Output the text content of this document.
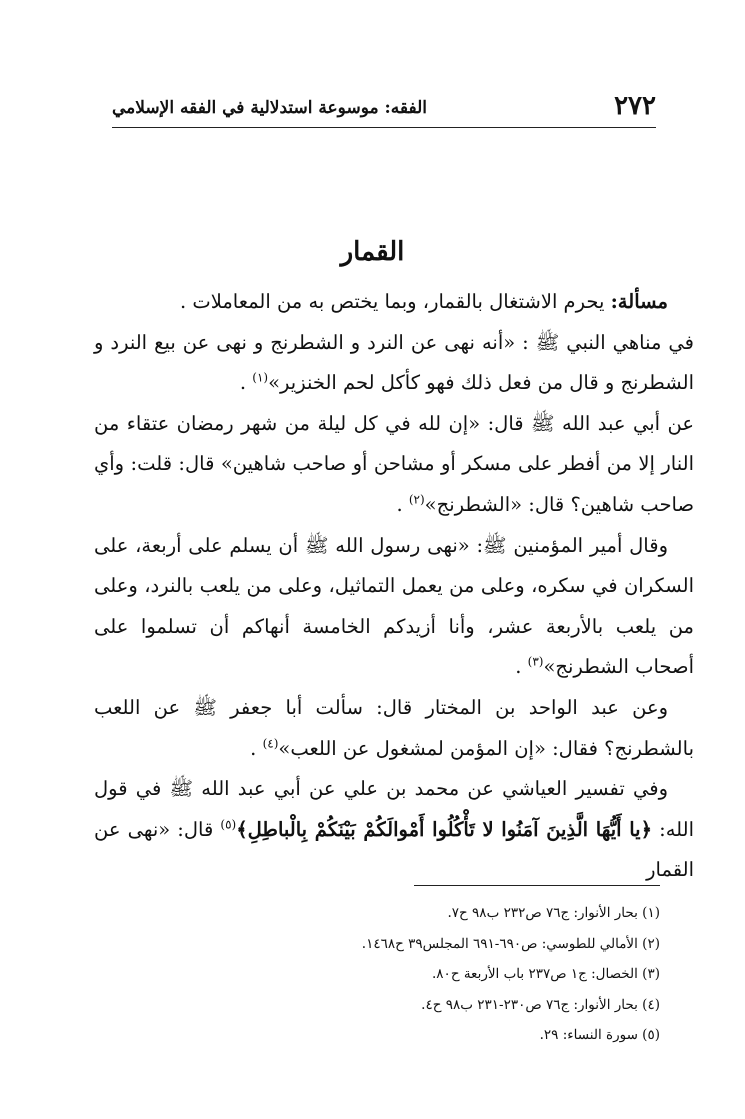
٢٧٢
الفقه: موسوعة استدلالية في الفقه الإسلامي
القمار

مسألة: يحرم الاشتغال بالقمار، وبما يختص به من المعاملات .

في مناهي النبي ﷺ : «أنه نهى عن النرد و الشطرنج و نهى عن بيع النرد و الشطرنج و قال من فعل ذلك فهو كأكل لحم الخنزير»$^{(١)}$ .

عن أبي عبد الله ﷺ قال: «إن لله في كل ليلة من شهر رمضان عتقاء من النار إلا من أفطر على مسكر أو مشاحن أو صاحب شاهين» قال: قلت: وأي صاحب شاهين؟ قال: «الشطرنج»$^{(٢)}$ .

وقال أمير المؤمنين ﷺ: «نهى رسول الله ﷺ أن يسلم على أربعة، على السكران في سكره، وعلى من يعمل التماثيل، وعلى من يلعب بالنرد، وعلى من يلعب بالأربعة عشر، وأنا أزيدكم الخامسة أنهاكم أن تسلموا على أصحاب الشطرنج»$^{(٣)}$ .

وعن عبد الواحد بن المختار قال: سألت أبا جعفر ﷺ عن اللعب بالشطرنج؟ فقال: «إن المؤمن لمشغول عن اللعب»$^{(٤)}$ .

وفي تفسير العياشي عن محمد بن علي عن أبي عبد الله ﷺ في قول الله: ﴿يا أَيُّهَا الَّذِينَ آمَنُوا لا تَأْكُلُوا أَمْوالَكُمْ بَيْنَكُمْ بِالْباطِلِ﴾$^{(٥)}$ قال: «نهى عن القمار

(١) بحار الأنوار: ج٧٦ ص٢٣٢ ب٩٨ ح٧.
(٢) الأمالي للطوسي: ص٦٩٠-٦٩١ المجلس٣٩ ح١٤٦٨.
(٣) الخصال: ج١ ص٢٣٧ باب الأربعة ح٨٠.
(٤) بحار الأنوار: ج٧٦ ص٢٣٠-٢٣١ ب٩٨ ح٤.
(٥) سورة النساء: ٢٩.
